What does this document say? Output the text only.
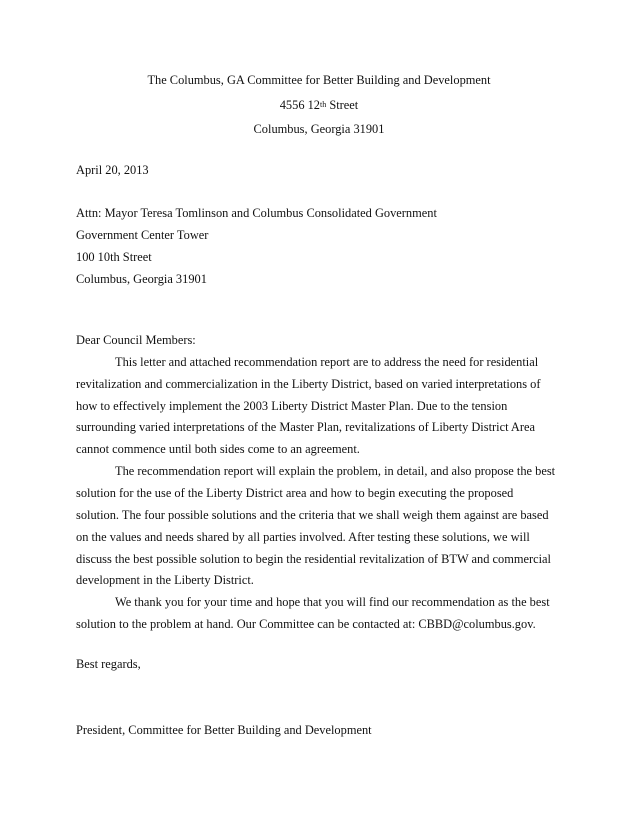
The Columbus, GA Committee for Better Building and Development
4556 12th Street
Columbus, Georgia 31901
April 20, 2013
Attn: Mayor Teresa Tomlinson and Columbus Consolidated Government
Government Center Tower
100 10th Street
Columbus, Georgia 31901
Dear Council Members:
This letter and attached recommendation report are to address the need for residential
revitalization and commercialization in the Liberty District, based on varied interpretations of
how to effectively implement the 2003 Liberty District Master Plan. Due to the tension
surrounding varied interpretations of the Master Plan, revitalizations of Liberty District Area
cannot commence until both sides come to an agreement.
The recommendation report will explain the problem, in detail, and also propose the best
solution for the use of the Liberty District area and how to begin executing the proposed
solution. The four possible solutions and the criteria that we shall weigh them against are based
on the values and needs shared by all parties involved. After testing these solutions, we will
discuss the best possible solution to begin the residential revitalization of BTW and commercial
development in the Liberty District.
We thank you for your time and hope that you will find our recommendation as the best
solution to the problem at hand. Our Committee can be contacted at: CBBD@columbus.gov.
Best regards,
President, Committee for Better Building and Development
